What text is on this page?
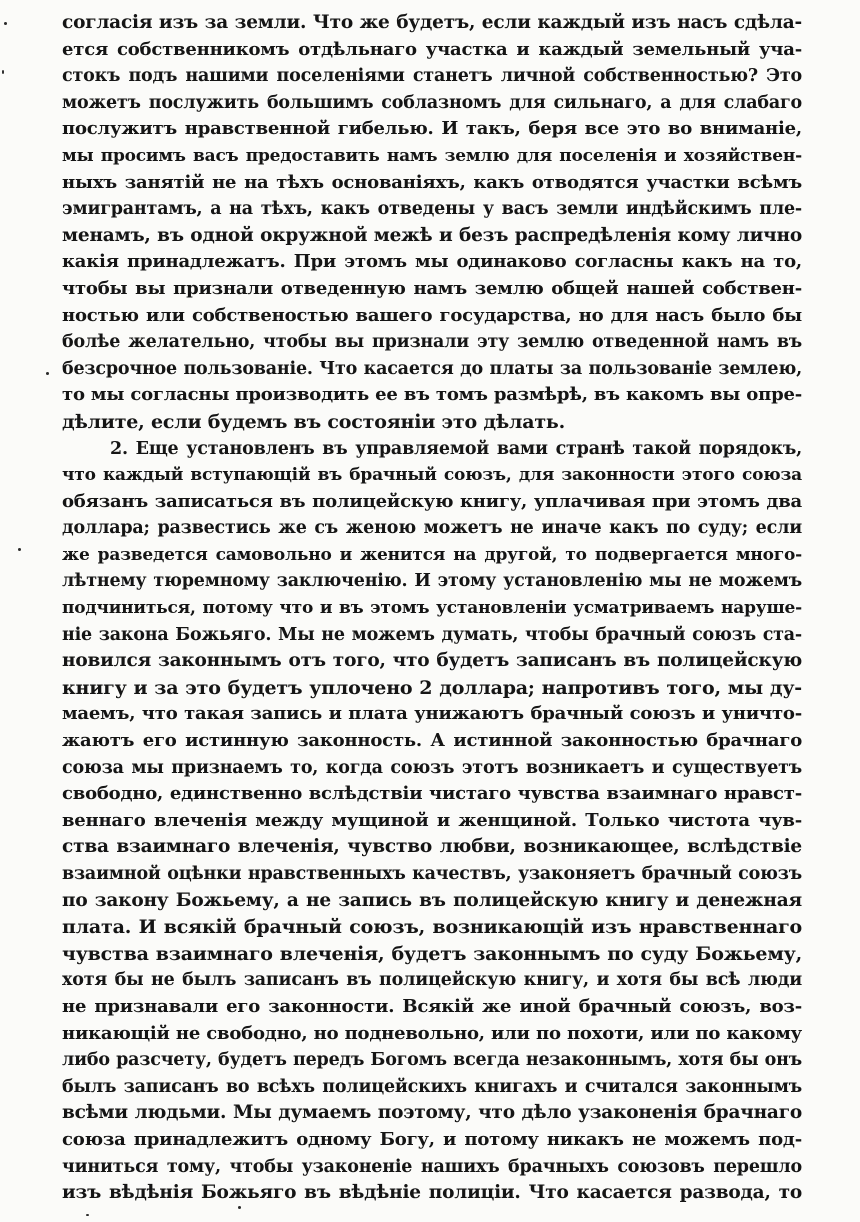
согласія изъ за земли. Что же будетъ, если каждый изъ насъ сдѣла-
ется собственникомъ отдѣльнаго участка и каждый земельный уча-
стокъ подъ нашими поселеніями станетъ личной собственностью? Это
можетъ послужить большимъ соблазномъ для сильнаго, а для слабаго
послужитъ нравственной гибелью. И такъ, беря все это во вниманіе,
мы просимъ васъ предоставить намъ землю для поселенія и хозяйствен-
ныхъ занятій не на тѣхъ основаніяхъ, какъ отводятся участки всѣмъ
эмигрантамъ, а на тѣхъ, какъ отведены у васъ земли индѣйскимъ пле-
менамъ, въ одной окружной межѣ и безъ распредѣленія кому лично
какія принадлежатъ. При этомъ мы одинаково согласны какъ на то,
чтобы вы признали отведенную намъ землю общей нашей собствен-
ностью или собственостью вашего государства, но для насъ было бы
болѣе желательно, чтобы вы признали эту землю отведенной намъ въ
безсрочное пользованіе. Что касается до платы за пользованіе землею,
то мы согласны производить ее въ томъ размѣрѣ, въ какомъ вы опре-
дѣлите, если будемъ въ состояніи это дѣлать.
2. Еще установленъ въ управляемой вами странѣ такой порядокъ,
что каждый вступающій въ брачный союзъ, для законности этого союза
обязанъ записаться въ полицейскую книгу, уплачивая при этомъ два
доллара; развестись же съ женою можетъ не иначе какъ по суду; если
же разведется самовольно и женится на другой, то подвергается много-
лѣтнему тюремному заключенію. И этому установленію мы не можемъ
подчиниться, потому что и въ этомъ установленіи усматриваемъ наруше-
ніе закона Божьяго. Мы не можемъ думать, чтобы брачный союзъ ста-
новился законнымъ отъ того, что будетъ записанъ въ полицейскую
книгу и за это будетъ уплочено 2 доллара; напротивъ того, мы ду-
маемъ, что такая запись и плата унижаютъ брачный союзъ и уничто-
жаютъ его истинную законность. А истинной законностью брачнаго
союза мы признаемъ то, когда союзъ этотъ возникаетъ и существуетъ
свободно, единственно вслѣдствіи чистаго чувства взаимнаго нравст-
веннаго влеченія между мущиной и женщиной. Только чистота чув-
ства взаимнаго влеченія, чувство любви, возникающее, вслѣдствіе
взаимной оцѣнки нравственныхъ качествъ, узаконяетъ брачный союзъ
по закону Божьему, а не запись въ полицейскую книгу и денежная
плата. И всякій брачный союзъ, возникающій изъ нравственнаго
чувства взаимнаго влеченія, будетъ законнымъ по суду Божьему,
хотя бы не былъ записанъ въ полицейскую книгу, и хотя бы всѣ люди
не признавали его законности. Всякій же иной брачный союзъ, воз-
никающій не свободно, но подневольно, или по похоти, или по какому
либо разсчету, будетъ передъ Богомъ всегда незаконнымъ, хотя бы онъ
былъ записанъ во всѣхъ полицейскихъ книгахъ и считался законнымъ
всѣми людьми. Мы думаемъ поэтому, что дѣло узаконенія брачнаго
союза принадлежитъ одному Богу, и потому никакъ не можемъ под-
чиниться тому, чтобы узаконеніе нашихъ брачныхъ союзовъ перешло
изъ вѣдѣнія Божьяго въ вѣдѣніе полиціи. Что касается развода, то
